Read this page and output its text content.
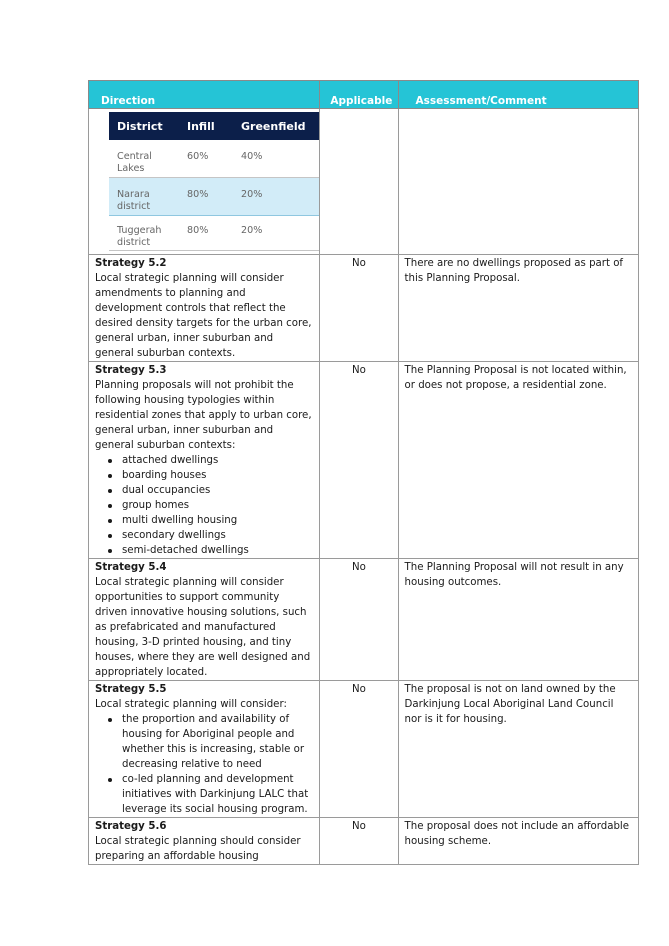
Direction	Applicable	Assessment/Comment

District	Infill	Greenfield
Central Lakes	60%	40%
Narara district	80%	20%
Tuggerah district	80%	20%

Strategy 5.2
Local strategic planning will consider amendments to planning and development controls that reflect the desired density targets for the urban core, general urban, inner suburban and general suburban contexts.
	No	There are no dwellings proposed as part of this Planning Proposal.

Strategy 5.3
Planning proposals will not prohibit the following housing typologies within residential zones that apply to urban core, general urban, inner suburban and general suburban contexts:
attached dwellings
boarding houses
dual occupancies
group homes
multi dwelling housing
secondary dwellings
semi-detached dwellings
	No	The Planning Proposal is not located within, or does not propose, a residential zone.

Strategy 5.4
Local strategic planning will consider opportunities to support community driven innovative housing solutions, such as prefabricated and manufactured housing, 3-D printed housing, and tiny houses, where they are well designed and appropriately located.
	No	The Planning Proposal will not result in any housing outcomes.

Strategy 5.5
Local strategic planning will consider:
the proportion and availability of housing for Aboriginal people and whether this is increasing, stable or decreasing relative to need
co-led planning and development initiatives with Darkinjung LALC that leverage its social housing program.
	No	The proposal is not on land owned by the Darkinjung Local Aboriginal Land Council nor is it for housing.

Strategy 5.6
Local strategic planning should consider preparing an affordable housing
	No	The proposal does not include an affordable housing scheme.
